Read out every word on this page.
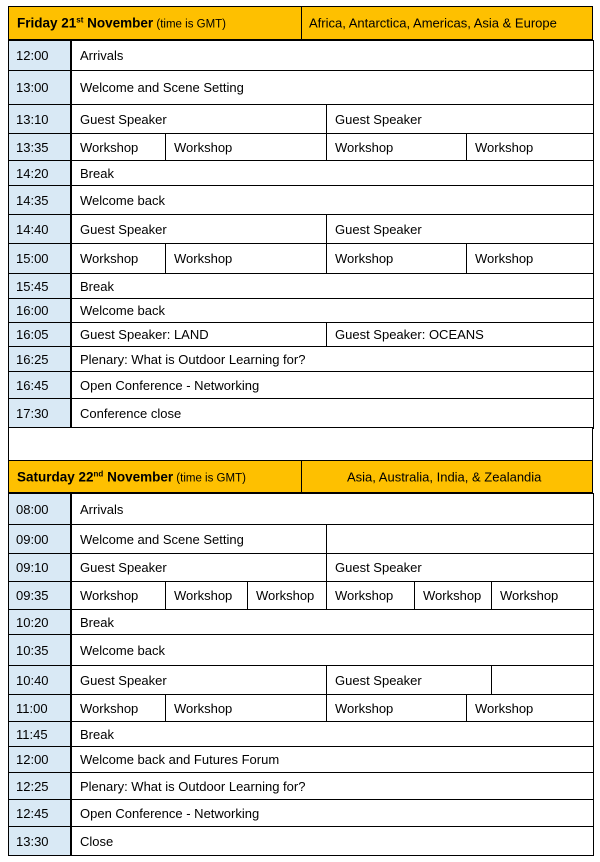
Friday 21st November (time is GMT)	Africa, Antarctica, Americas, Asia & Europe
12:00	Arrivals
13:00	Welcome and Scene Setting
13:10	Guest Speaker	Guest Speaker
13:35	Workshop	Workshop	Workshop	Workshop
14:20	Break
14:35	Welcome back
14:40	Guest Speaker	Guest Speaker
15:00	Workshop	Workshop	Workshop	Workshop
15:45	Break
16:00	Welcome back
16:05	Guest Speaker: LAND	Guest Speaker: OCEANS
16:25	Plenary: What is Outdoor Learning for?
16:45	Open Conference - Networking
17:30	Conference close
Saturday 22nd November (time is GMT)	Asia, Australia, India, & Zealandia
08:00	Arrivals
09:00	Welcome and Scene Setting
09:10	Guest Speaker	Guest Speaker
09:35	Workshop	Workshop	Workshop	Workshop	Workshop	Workshop
10:20	Break
10:35	Welcome back
10:40	Guest Speaker	Guest Speaker
11:00	Workshop	Workshop	Workshop	Workshop
11:45	Break
12:00	Welcome back and Futures Forum
12:25	Plenary: What is Outdoor Learning for?
12:45	Open Conference - Networking
13:30	Close
